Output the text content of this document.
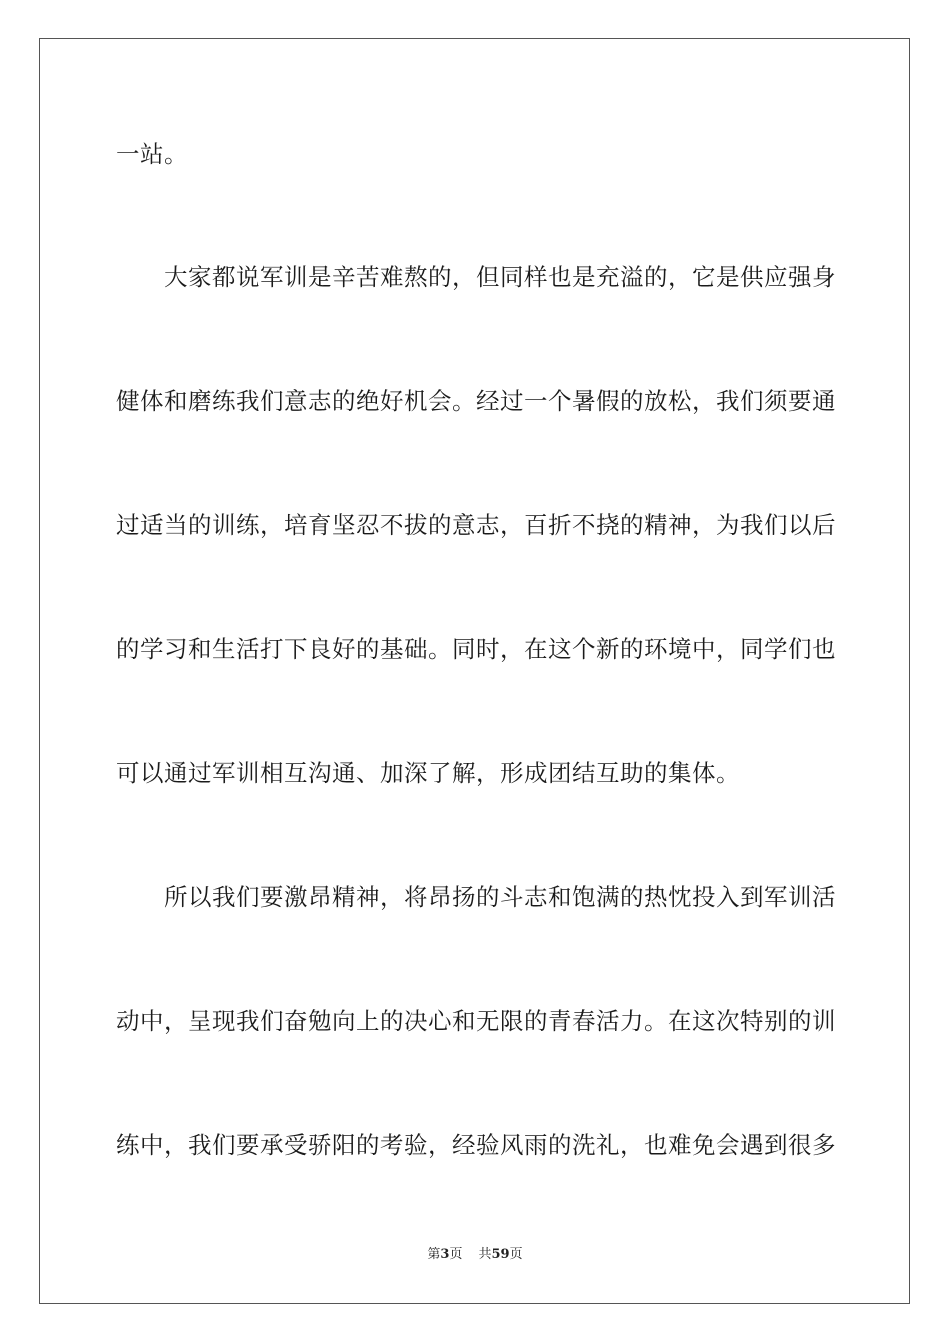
一站。
大家都说军训是辛苦难熬的，但同样也是充溢的，它是供应强身
健体和磨练我们意志的绝好机会。经过一个暑假的放松，我们须要通
过适当的训练，培育坚忍不拔的意志，百折不挠的精神，为我们以后
的学习和生活打下良好的基础。同时，在这个新的环境中，同学们也
可以通过军训相互沟通、加深了解，形成团结互助的集体。
所以我们要激昂精神，将昂扬的斗志和饱满的热忱投入到军训活
动中，呈现我们奋勉向上的决心和无限的青春活力。在这次特别的训
练中，我们要承受骄阳的考验，经验风雨的洗礼，也难免会遇到很多
第3页 共59页
